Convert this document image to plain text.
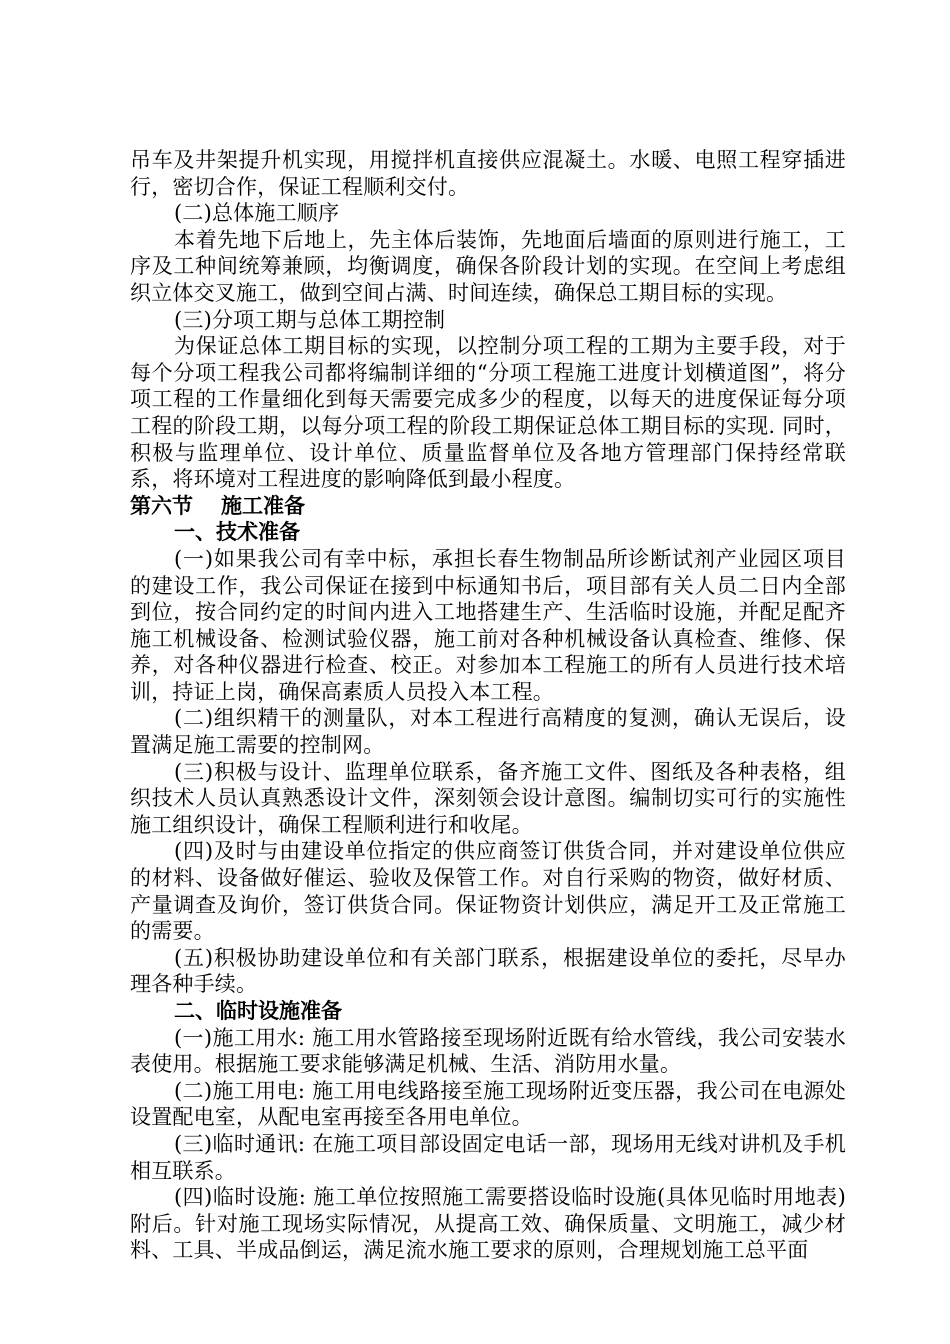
吊车及井架提升机实现，用搅拌机直接供应混凝土。水暖、电照工程穿插进行，密切合作，保证工程顺利交付。

(二)总体施工顺序

本着先地下后地上，先主体后装饰，先地面后墙面的原则进行施工，工序及工种间统筹兼顾，均衡调度，确保各阶段计划的实现。在空间上考虑组织立体交叉施工，做到空间占满、时间连续，确保总工期目标的实现。

(三)分项工期与总体工期控制

为保证总体工期目标的实现，以控制分项工程的工期为主要手段，对于每个分项工程我公司都将编制详细的“分项工程施工进度计划横道图”，将分项工程的工作量细化到每天需要完成多少的程度，以每天的进度保证每分项工程的阶段工期，以每分项工程的阶段工期保证总体工期目标的实现. 同时，积极与监理单位、设计单位、质量监督单位及各地方管理部门保持经常联系，将环境对工程进度的影响降低到最小程度。

第六节 施工准备
一、技术准备

(一)如果我公司有幸中标，承担长春生物制品所诊断试剂产业园区项目的建设工作，我公司保证在接到中标通知书后，项目部有关人员二日内全部到位，按合同约定的时间内进入工地搭建生产、生活临时设施，并配足配齐施工机械设备、检测试验仪器，施工前对各种机械设备认真检查、维修、保养，对各种仪器进行检查、校正。对参加本工程施工的所有人员进行技术培训，持证上岗，确保高素质人员投入本工程。

(二)组织精干的测量队，对本工程进行高精度的复测，确认无误后，设置满足施工需要的控制网。

(三)积极与设计、监理单位联系，备齐施工文件、图纸及各种表格，组织技术人员认真熟悉设计文件，深刻领会设计意图。编制切实可行的实施性施工组织设计，确保工程顺利进行和收尾。

(四)及时与由建设单位指定的供应商签订供货合同，并对建设单位供应的材料、设备做好催运、验收及保管工作。对自行采购的物资，做好材质、产量调查及询价，签订供货合同。保证物资计划供应，满足开工及正常施工的需要。

(五)积极协助建设单位和有关部门联系，根据建设单位的委托，尽早办理各种手续。

二、临时设施准备

(一)施工用水: 施工用水管路接至现场附近既有给水管线，我公司安装水表使用。根据施工要求能够满足机械、生活、消防用水量。

(二)施工用电: 施工用电线路接至施工现场附近变压器，我公司在电源处设置配电室，从配电室再接至各用电单位。

(三)临时通讯: 在施工项目部设固定电话一部，现场用无线对讲机及手机相互联系。

(四)临时设施: 施工单位按照施工需要搭设临时设施(具体见临时用地表)附后。针对施工现场实际情况，从提高工效、确保质量、文明施工，减少材料、工具、半成品倒运，满足流水施工要求的原则，合理规划施工总平面
